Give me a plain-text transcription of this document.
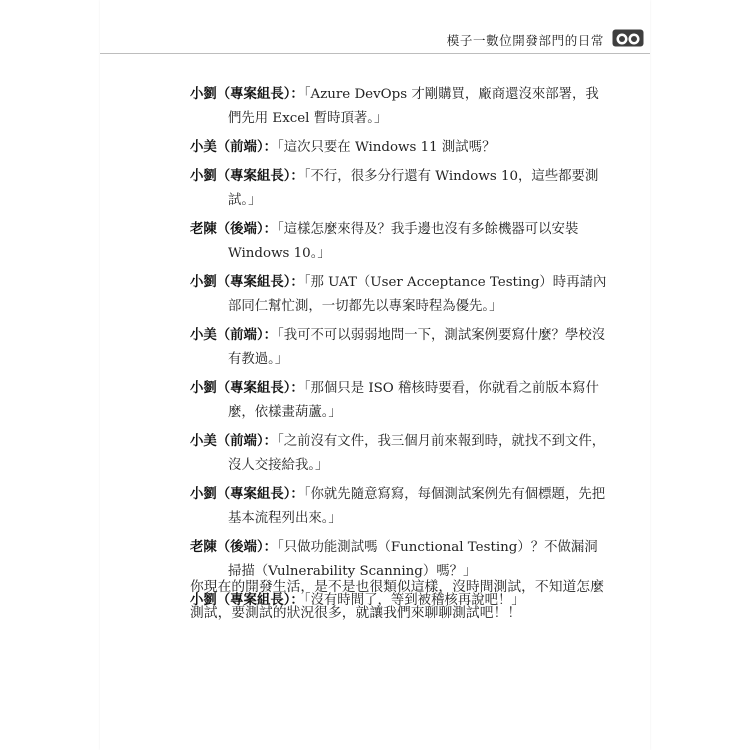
模子一數位開發部門的日常

小劉（專案組長）：「Azure DevOps 才剛購買，廠商還沒來部署，我們先用 Excel 暫時頂著。」

小美（前端）：「這次只要在 Windows 11 測試嗎？

小劉（專案組長）：「不行，很多分行還有 Windows 10，這些都要測試。」

老陳（後端）：「這樣怎麼來得及？我手邊也沒有多餘機器可以安裝 Windows 10。」

小劉（專案組長）：「那 UAT（User Acceptance Testing）時再請內部同仁幫忙測，一切都先以專案時程為優先。」

小美（前端）：「我可不可以弱弱地問一下，測試案例要寫什麼？學校沒有教過。」

小劉（專案組長）：「那個只是 ISO 稽核時要看，你就看之前版本寫什麼，依樣畫葫蘆。」

小美（前端）：「之前沒有文件，我三個月前來報到時，就找不到文件，沒人交接給我。」

小劉（專案組長）：「你就先隨意寫寫，每個測試案例先有個標題，先把基本流程列出來。」

老陳（後端）：「只做功能測試嗎（Functional Testing）？不做漏洞掃描（Vulnerability Scanning）嗎？」

小劉（專案組長）：「沒有時間了，等到被稽核再說吧！」

你現在的開發生活，是不是也很類似這樣，沒時間測試，不知道怎麼測試，要測試的狀況很多，就讓我們來聊聊測試吧！！
